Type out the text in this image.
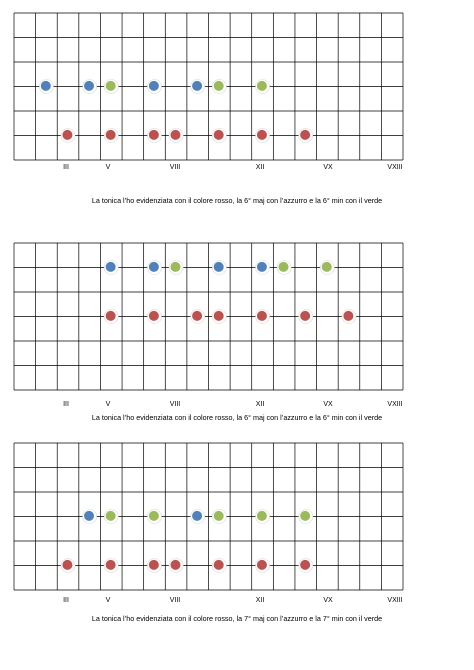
III	V	VIII	XII	VX	VXIII
La tonica l’ho evidenziata con il colore rosso, la 6° maj con l’azzurro e la 6° min con il verde
III	V	VIII	XII	VX	VXIII
La tonica l’ho evidenziata con il colore rosso, la 6° maj con l’azzurro e la 6° min con il verde
III	V	VIII	XII	VX	VXIII
La tonica l’ho evidenziata con il colore rosso, la 7° maj con l’azzurro e la 7° min con il verde
